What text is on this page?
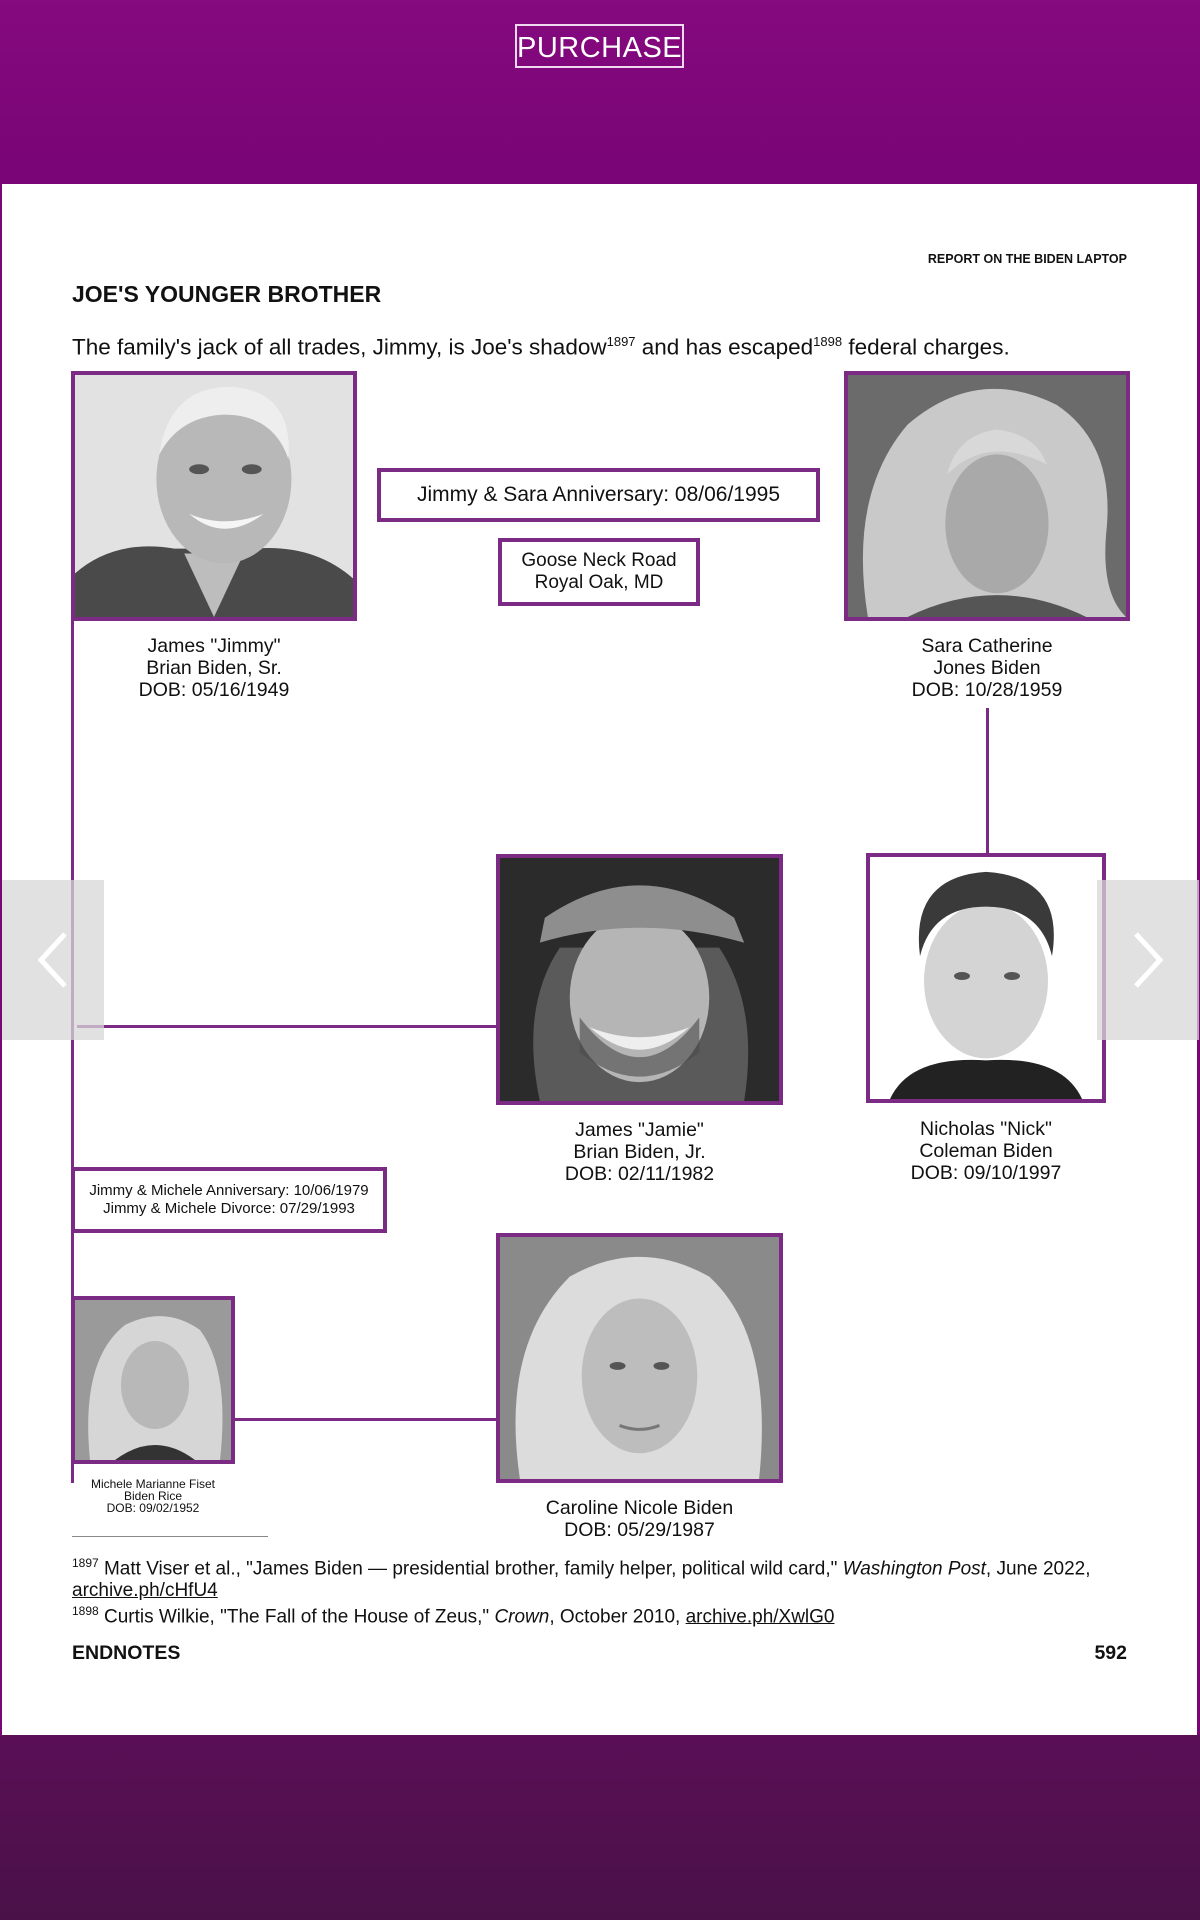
PURCHASE
REPORT ON THE BIDEN LAPTOP
JOE'S YOUNGER BROTHER
The family's jack of all trades, Jimmy, is Joe's shadow$^{1897}$ and has escaped$^{1898}$ federal charges.
Jimmy & Sara Anniversary: 08/06/1995
Goose Neck Road
Royal Oak, MD
James "Jimmy"
Brian Biden, Sr.
DOB: 05/16/1949
Sara Catherine
Jones Biden
DOB: 10/28/1959
James "Jamie"
Brian Biden, Jr.
DOB: 02/11/1982
Nicholas "Nick"
Coleman Biden
DOB: 09/10/1997
Jimmy & Michele Anniversary: 10/06/1979
Jimmy & Michele Divorce: 07/29/1993
Michele Marianne Fiset
Biden Rice
DOB: 09/02/1952	Caroline Nicole Biden
DOB: 05/29/1987
$^{1897}$ Matt Viser et al., "James Biden — presidential brother, family helper, political wild card," Washington Post, June 2022,
archive.ph/cHfU4
$^{1898}$ Curtis Wilkie, "The Fall of the House of Zeus," Crown, October 2010, archive.ph/XwlG0
ENDNOTES	592
